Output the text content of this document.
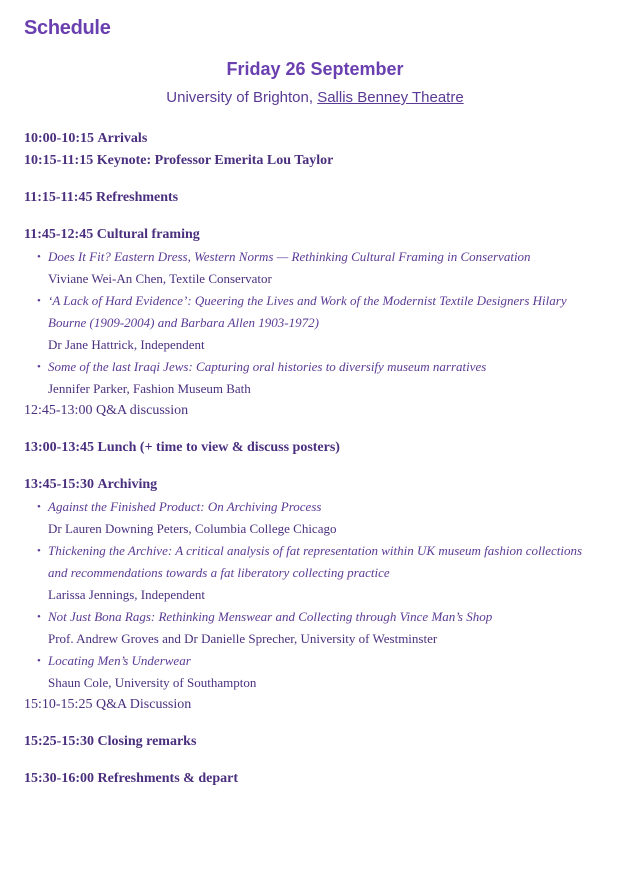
Schedule
Friday 26 September
University of Brighton, Sallis Benney Theatre
10:00-10:15 Arrivals
10:15-11:15 Keynote: Professor Emerita Lou Taylor
11:15-11:45 Refreshments
11:45-12:45 Cultural framing
• Does It Fit? Eastern Dress, Western Norms — Rethinking Cultural Framing in Conservation
Viviane Wei-An Chen, Textile Conservator
• ‘A Lack of Hard Evidence’: Queering the Lives and Work of the Modernist Textile Designers Hilary
Bourne (1909-2004) and Barbara Allen 1903-1972)
Dr Jane Hattrick, Independent
• Some of the last Iraqi Jews: Capturing oral histories to diversify museum narratives
Jennifer Parker, Fashion Museum Bath
12:45-13:00 Q&A discussion
13:00-13:45 Lunch (+ time to view & discuss posters)
13:45-15:30 Archiving
• Against the Finished Product: On Archiving Process
Dr Lauren Downing Peters, Columbia College Chicago
• Thickening the Archive: A critical analysis of fat representation within UK museum fashion collections
and recommendations towards a fat liberatory collecting practice
Larissa Jennings, Independent
• Not Just Bona Rags: Rethinking Menswear and Collecting through Vince Man’s Shop
Prof. Andrew Groves and Dr Danielle Sprecher, University of Westminster
• Locating Men’s Underwear
Shaun Cole, University of Southampton
15:10-15:25 Q&A Discussion
15:25-15:30 Closing remarks
15:30-16:00 Refreshments & depart
